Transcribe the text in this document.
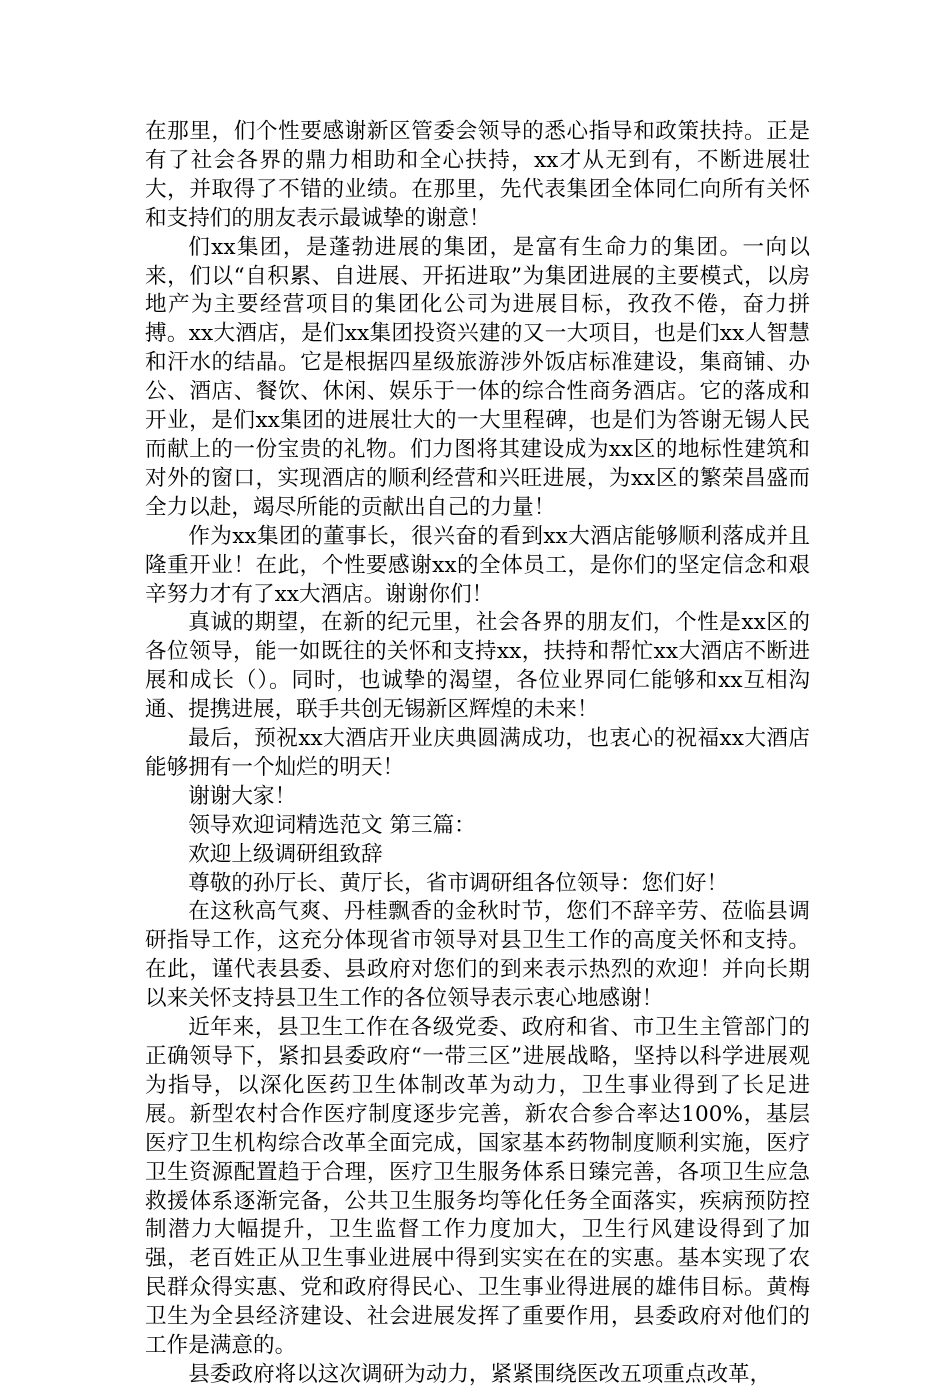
在那里，们个性要感谢新区管委会领导的悉心指导和政策扶持。正是有了社会各界的鼎力相助和全心扶持，xx才从无到有，不断进展壮大，并取得了不错的业绩。在那里，先代表集团全体同仁向所有关怀和支持们的朋友表示最诚挚的谢意！

们xx集团，是蓬勃进展的集团，是富有生命力的集团。一向以来，们以“自积累、自进展、开拓进取”为集团进展的主要模式，以房地产为主要经营项目的集团化公司为进展目标，孜孜不倦，奋力拼搏。xx大酒店，是们xx集团投资兴建的又一大项目，也是们xx人智慧和汗水的结晶。它是根据四星级旅游涉外饭店标准建设，集商铺、办公、酒店、餐饮、休闲、娱乐于一体的综合性商务酒店。它的落成和开业，是们xx集团的进展壮大的一大里程碑，也是们为答谢无锡人民而献上的一份宝贵的礼物。们力图将其建设成为xx区的地标性建筑和对外的窗口，实现酒店的顺利经营和兴旺进展，为xx区的繁荣昌盛而全力以赴，竭尽所能的贡献出自己的力量！

作为xx集团的董事长，很兴奋的看到xx大酒店能够顺利落成并且隆重开业！在此，个性要感谢xx的全体员工，是你们的坚定信念和艰辛努力才有了xx大酒店。谢谢你们！

真诚的期望，在新的纪元里，社会各界的朋友们，个性是xx区的各位领导，能一如既往的关怀和支持xx，扶持和帮忙xx大酒店不断进展和成长（）。同时，也诚挚的渴望，各位业界同仁能够和xx互相沟通、提携进展，联手共创无锡新区辉煌的未来！

最后，预祝xx大酒店开业庆典圆满成功，也衷心的祝福xx大酒店能够拥有一个灿烂的明天！

谢谢大家！

领导欢迎词精选范文 第三篇：

欢迎上级调研组致辞

尊敬的孙厅长、黄厅长，省市调研组各位领导：您们好！

在这秋高气爽、丹桂飘香的金秋时节，您们不辞辛劳、莅临县调研指导工作，这充分体现省市领导对县卫生工作的高度关怀和支持。在此，谨代表县委、县政府对您们的到来表示热烈的欢迎！并向长期以来关怀支持县卫生工作的各位领导表示衷心地感谢！

近年来，县卫生工作在各级党委、政府和省、市卫生主管部门的正确领导下，紧扣县委政府“一带三区”进展战略，坚持以科学进展观为指导，以深化医药卫生体制改革为动力，卫生事业得到了长足进展。新型农村合作医疗制度逐步完善，新农合参合率达100%，基层医疗卫生机构综合改革全面完成，国家基本药物制度顺利实施，医疗卫生资源配置趋于合理，医疗卫生服务体系日臻完善，各项卫生应急救援体系逐渐完备，公共卫生服务均等化任务全面落实，疾病预防控制潜力大幅提升，卫生监督工作力度加大，卫生行风建设得到了加强，老百姓正从卫生事业进展中得到实实在在的实惠。基本实现了农民群众得实惠、党和政府得民心、卫生事业得进展的雄伟目标。黄梅卫生为全县经济建设、社会进展发挥了重要作用，县委政府对他们的工作是满意的。

县委政府将以这次调研为动力，紧紧围绕医改五项重点改革，
